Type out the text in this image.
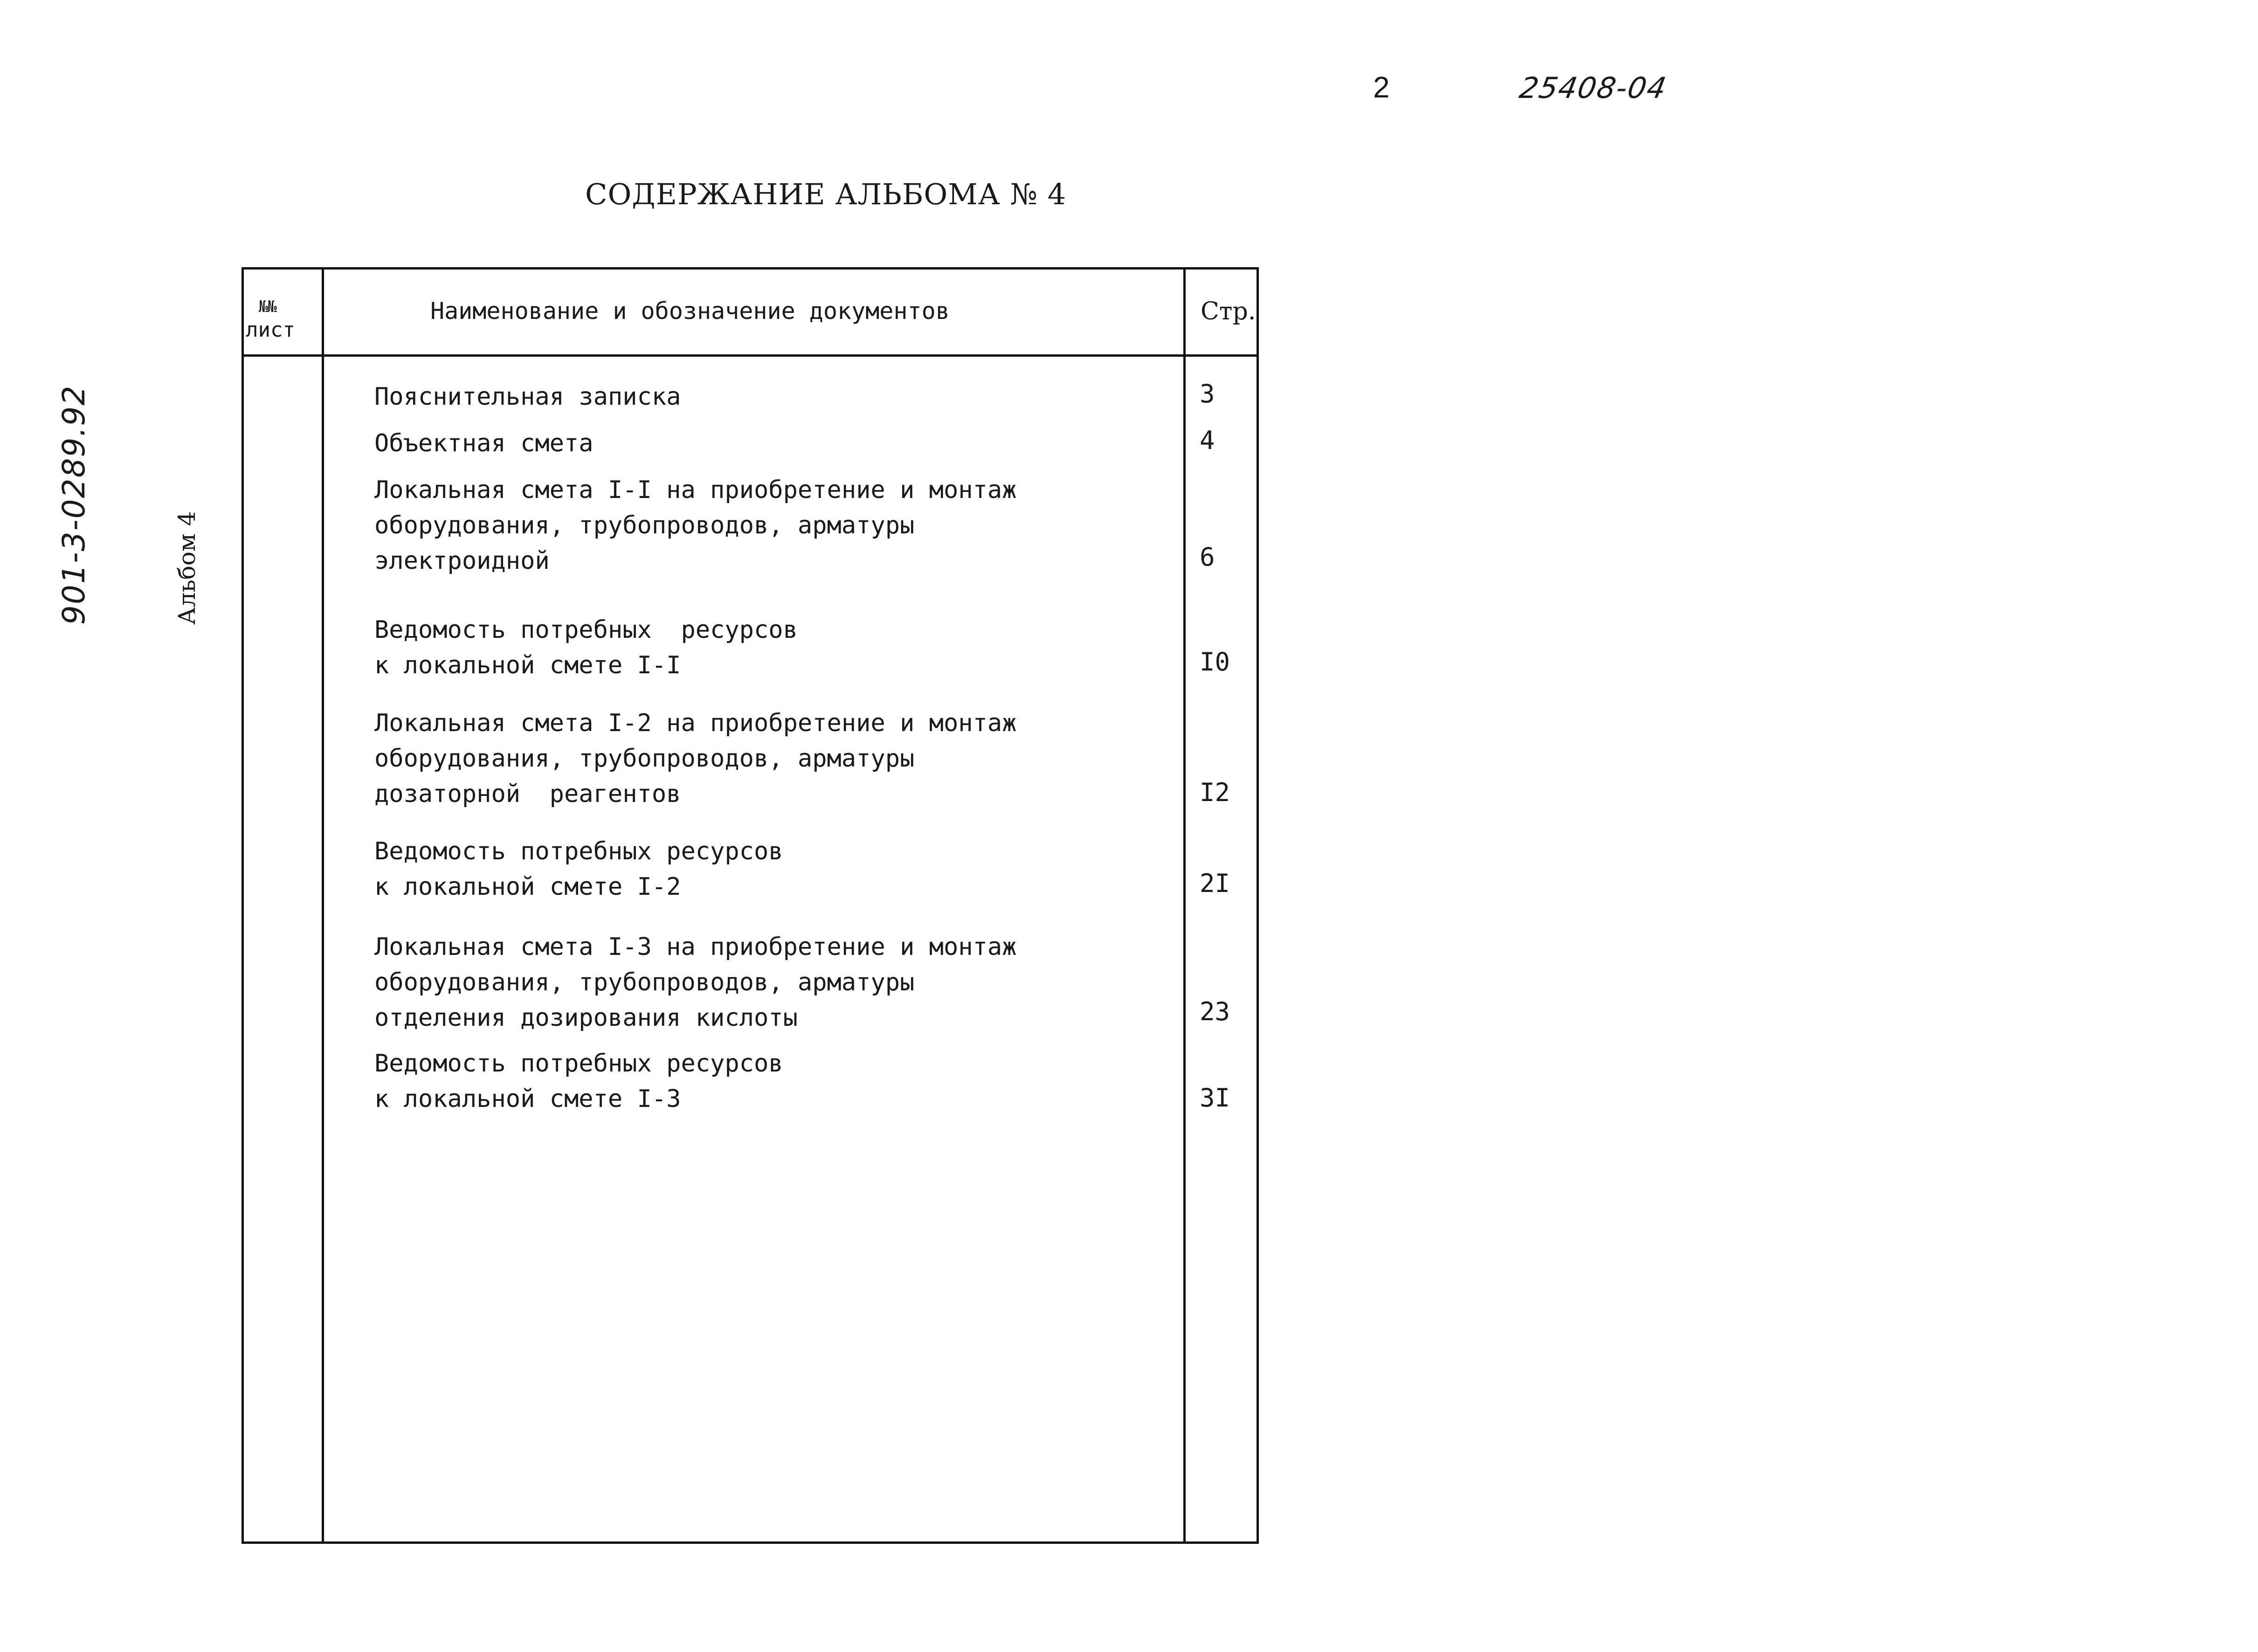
2	25408-04
СОДЕРЖАНИЕ АЛЬБОМА № 4
901-3-0289.92	Альбом 4
№№
лист
Наименование и обозначение документов	Стр.
Пояснительная записка	3
Объектная смета	4
Локальная смета I-I на приобретение и монтаж
оборудования, трубопроводов, арматуры
электроидной	6
Ведомость потребных  ресурсов
к локальной смете I-I	I0
Локальная смета I-2 на приобретение и монтаж
оборудования, трубопроводов, арматуры
дозаторной  реагентов	I2
Ведомость потребных ресурсов
к локальной смете I-2	2I
Локальная смета I-3 на приобретение и монтаж
оборудования, трубопроводов, арматуры
отделения дозирования кислоты	23
Ведомость потребных ресурсов
к локальной смете I-3	3I
